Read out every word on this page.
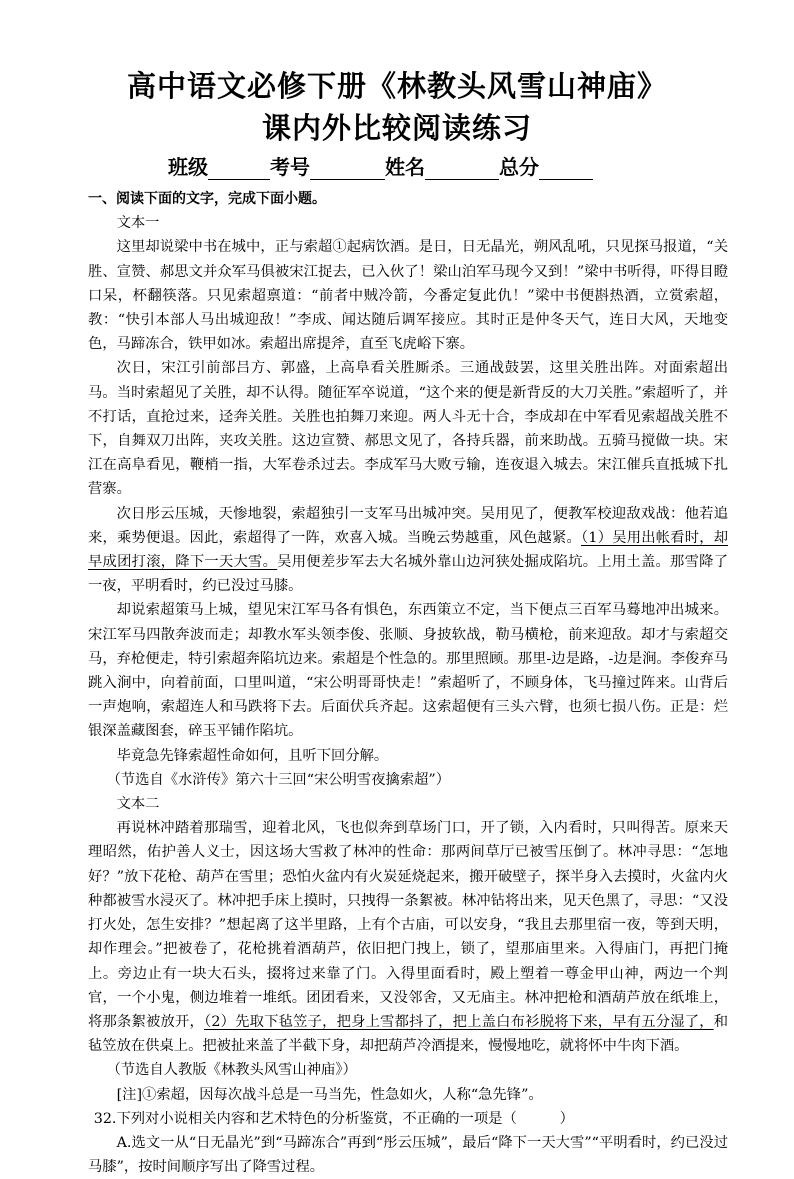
高中语文必修下册《林教头风雪山神庙》
课内外比较阅读练习
班级	考号	姓名	总分

一、阅读下面的文字，完成下面小题。

文本一

这里却说梁中书在城中，正与索超①起病饮酒。是日，日无晶光，朔风乱吼，只见探马报道，“关胜、宣赞、郝思文并众军马俱被宋江捉去，已入伙了！梁山泊军马现今又到！”梁中书听得，吓得目瞪口呆，杯翻筷落。只见索超禀道：“前者中贼冷箭，今番定复此仇！”梁中书便斟热酒，立赏索超，教：“快引本部人马出城迎敌！”李成、闻达随后调军接应。其时正是仲冬天气，连日大风，天地变色，马蹄冻合，铁甲如冰。索超出席提斧，直至飞虎峪下寨。

次日，宋江引前部吕方、郭盛，上高阜看关胜厮杀。三通战鼓罢，这里关胜出阵。对面索超出马。当时索超见了关胜，却不认得。随征军卒说道，“这个来的便是新背反的大刀关胜。”索超听了，并不打话，直抢过来，迳奔关胜。关胜也拍舞刀来迎。两人斗无十合，李成却在中军看见索超战关胜不下，自舞双刀出阵，夹攻关胜。这边宣赞、郝思文见了，各持兵器，前来助战。五骑马搅做一块。宋江在高阜看见，鞭梢一指，大军卷杀过去。李成军马大败亏输，连夜退入城去。宋江催兵直抵城下扎营寨。

次日彤云压城，天惨地裂，索超独引一支军马出城冲突。吴用见了，便教军校迎敌戏战：他若追来，乘势便退。因此，索超得了一阵，欢喜入城。当晚云势越重，风色越紧。（1）吴用出帐看时，却早成团打滚，降下一天大雪。吴用便差步军去大名城外靠山边河狭处掘成陷坑。上用土盖。那雪降了一夜，平明看时，约已没过马膝。

却说索超策马上城，望见宋江军马各有惧色，东西策立不定，当下便点三百军马蓦地冲出城来。宋江军马四散奔波而走；却教水军头领李俊、张顺、身披软战，勒马横枪，前来迎敌。却才与索超交马，弃枪便走，特引索超奔陷坑边来。索超是个性急的。那里照顾。那里-边是路，-边是涧。李俊弃马跳入涧中，向着前面，口里叫道，“宋公明哥哥快走！”索超听了，不顾身体，飞马撞过阵来。山背后一声炮响，索超连人和马跌将下去。后面伏兵齐起。这索超便有三头六臂，也须七损八伤。正是：烂银深盖藏图套，碎玉平铺作陷坑。

毕竟急先锋索超性命如何，且听下回分解。

（节选自《水浒传》第六十三回“宋公明雪夜擒索超”）

文本二

再说林冲踏着那瑞雪，迎着北风，飞也似奔到草场门口，开了锁，入内看时，只叫得苦。原来天理昭然，佑护善人义士，因这场大雪救了林冲的性命：那两间草厅已被雪压倒了。林冲寻思：“怎地好？”放下花枪、葫芦在雪里；恐怕火盆内有火炭延烧起来，搬开破壁子，探半身入去摸时，火盆内火种都被雪水浸灭了。林冲把手床上摸时，只拽得一条絮被。林冲钻将出来，见天色黑了，寻思：“又没打火处，怎生安排？”想起离了这半里路，上有个古庙，可以安身，“我且去那里宿一夜，等到天明，却作理会。”把被卷了，花枪挑着酒葫芦，依旧把门拽上，锁了，望那庙里来。入得庙门，再把门掩上。旁边止有一块大石头，掇将过来靠了门。入得里面看时，殿上塑着一尊金甲山神，两边一个判官，一个小鬼，侧边堆着一堆纸。团团看来，又没邻舍，又无庙主。林冲把枪和酒葫芦放在纸堆上，将那条絮被放开，（2）先取下毡笠子，把身上雪都抖了，把上盖白布衫脱将下来，早有五分湿了，和毡笠放在供桌上。把被扯来盖了半截下身，却把葫芦冷酒提来，慢慢地吃，就将怀中牛肉下酒。

（节选自人教版《林教头风雪山神庙》）

[注]①索超，因每次战斗总是一马当先，性急如火，人称“急先锋”。

32.下列对小说相关内容和艺术特色的分析鉴赏，不正确的一项是（　　　）

A.选文一从“日无晶光”到“马蹄冻合”再到“彤云压城”，最后“降下一天大雪”“平明看时，约已没过马膝”，按时间顺序写出了降雪过程。
